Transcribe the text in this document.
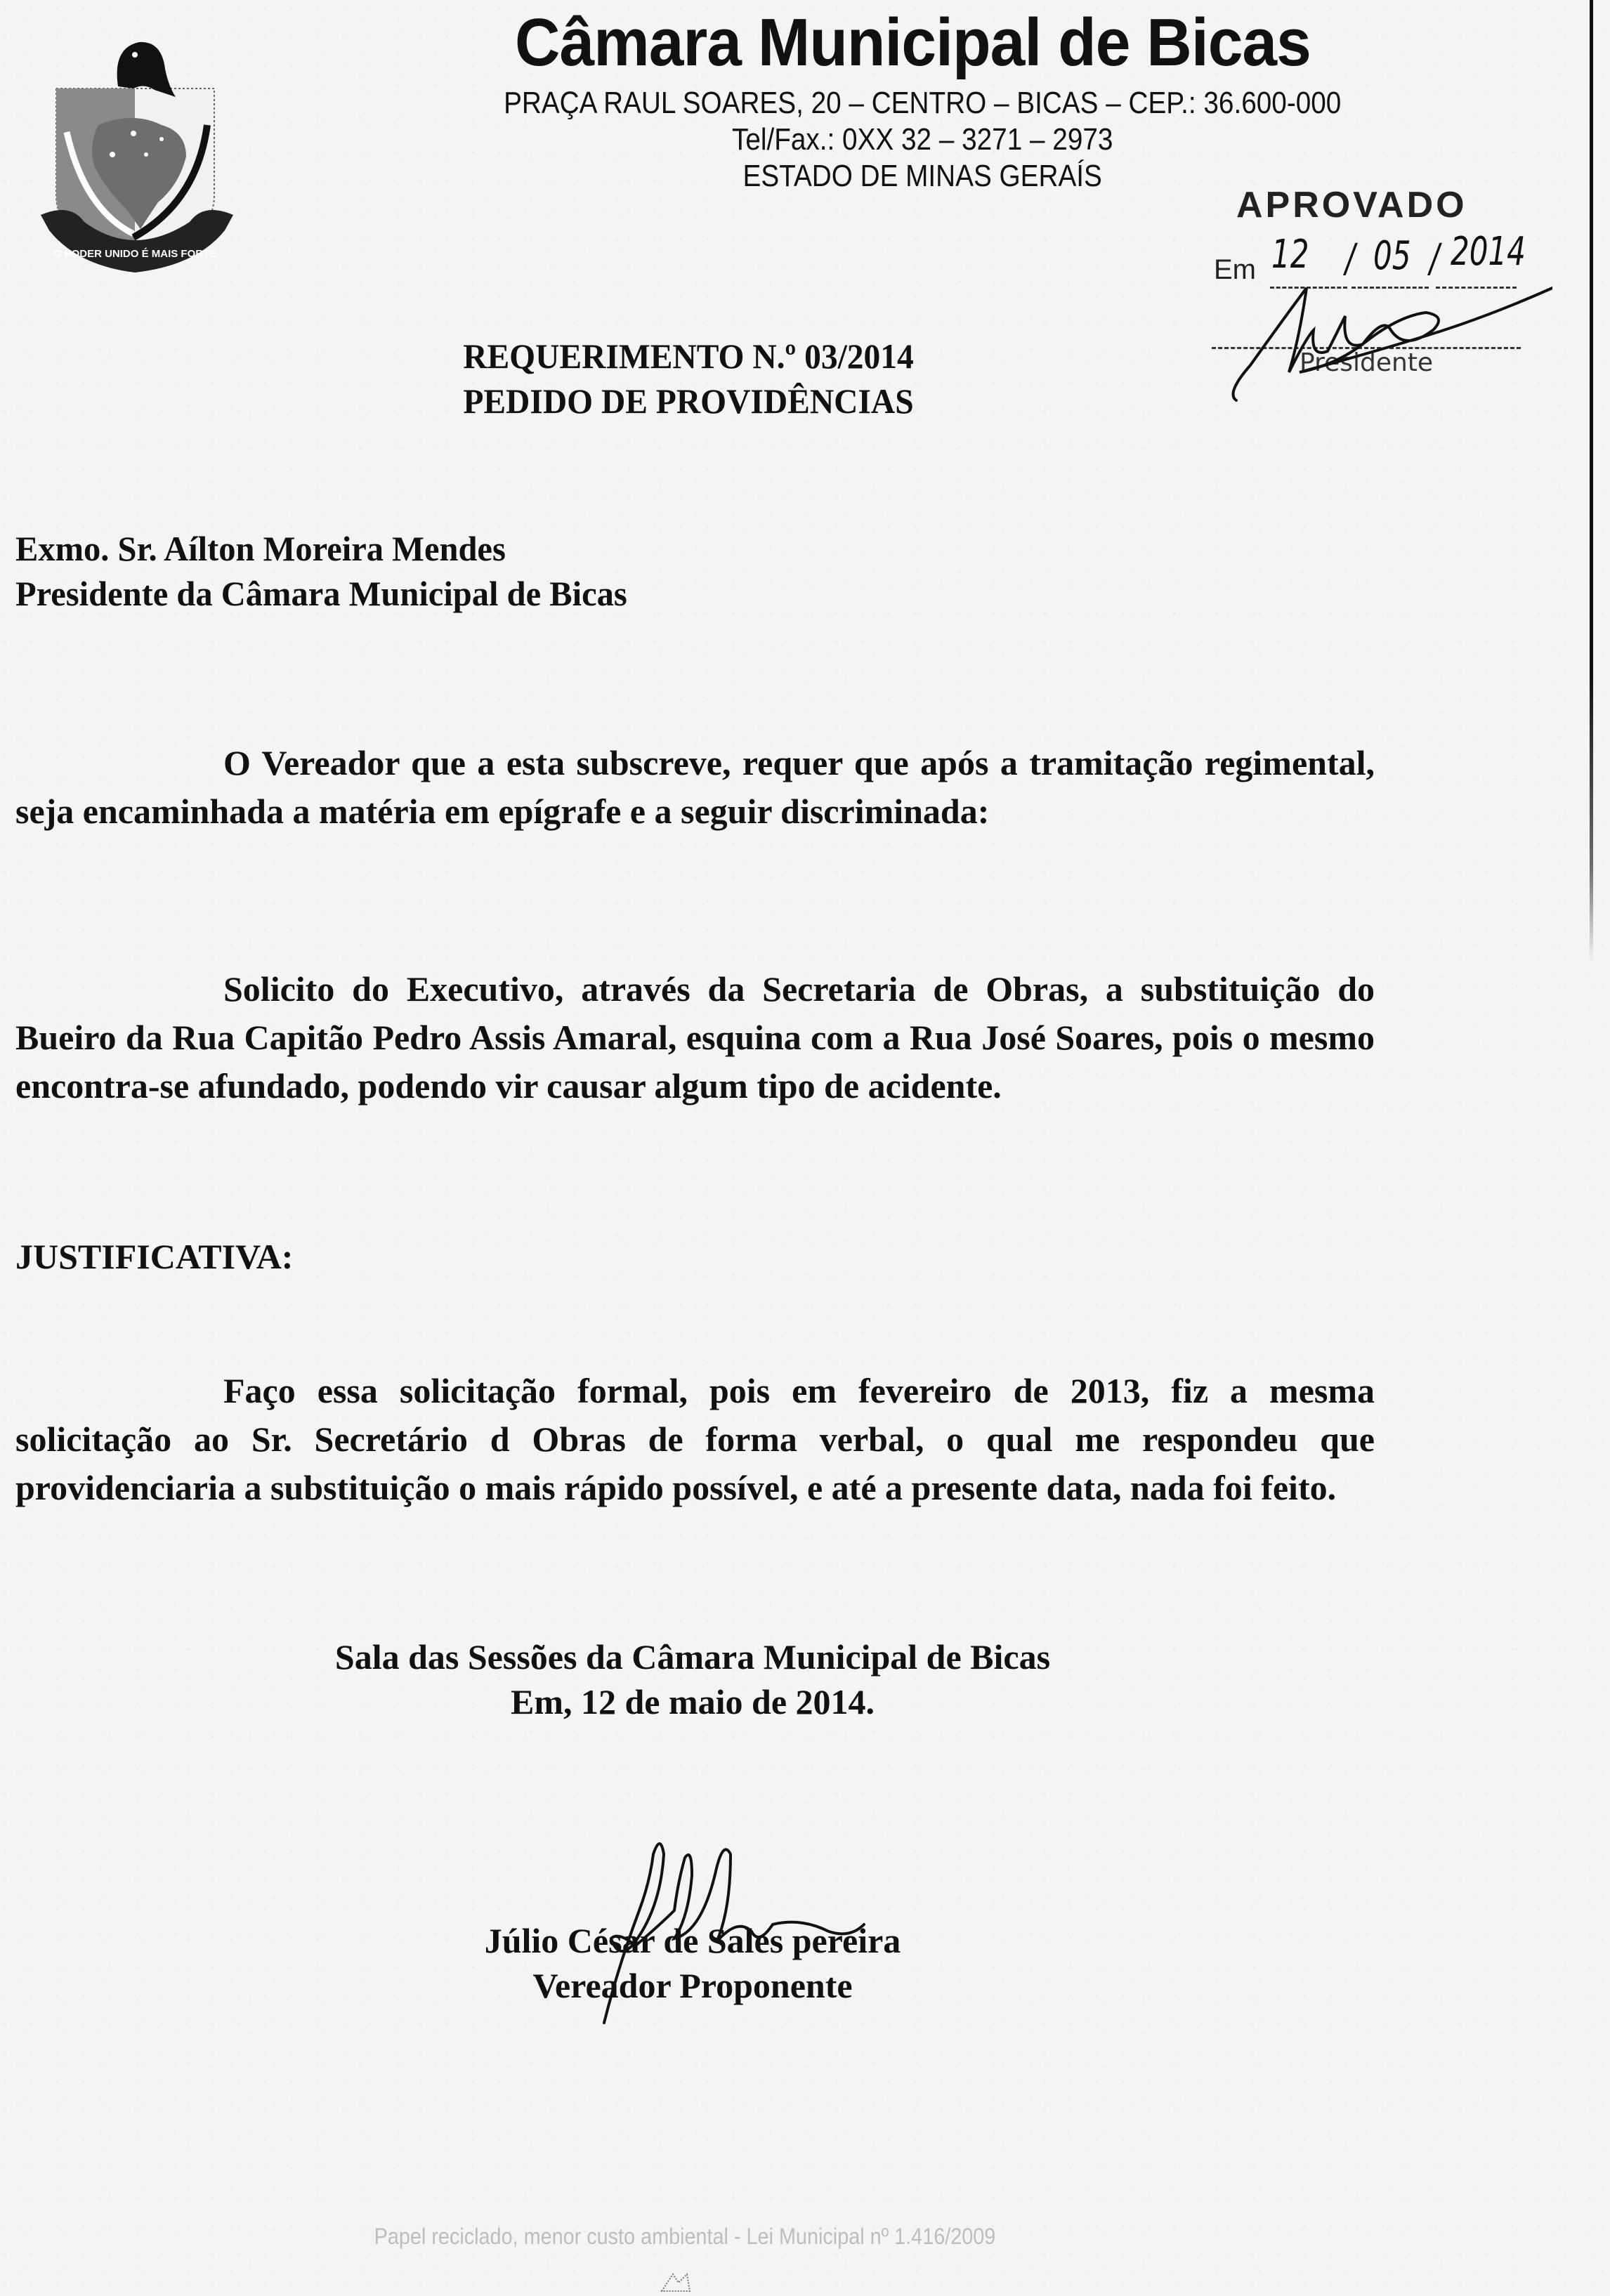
O PODER UNIDO É MAIS FORTE
Câmara Municipal de Bicas
PRAÇA RAUL SOARES, 20 – CENTRO – BICAS – CEP.: 36.600-000
Tel/Fax.: 0XX 32 – 3271 – 2973
ESTADO DE MINAS GERAÍS
APROVADO
Em 12 / 05 / 2014
Presidente
REQUERIMENTO N.º 03/2014
PEDIDO DE PROVIDÊNCIAS
Exmo. Sr. Aílton Moreira Mendes
Presidente da Câmara Municipal de Bicas
O Vereador que a esta subscreve, requer que após a tramitação regimental, seja encaminhada a matéria em epígrafe e a seguir discriminada:
Solicito do Executivo, através da Secretaria de Obras, a substituição do Bueiro da Rua Capitão Pedro Assis Amaral, esquina com a Rua José Soares, pois o mesmo encontra-se afundado, podendo vir causar algum tipo de acidente.
JUSTIFICATIVA:
Faço essa solicitação formal, pois em fevereiro de 2013, fiz a mesma solicitação ao Sr. Secretário d Obras de forma verbal, o qual me respondeu que providenciaria a substituição o mais rápido possível, e até a presente data, nada foi feito.
Sala das Sessões da Câmara Municipal de Bicas
Em, 12 de maio de 2014.
Júlio César de Sales pereira
Vereador Proponente
Papel reciclado, menor custo ambiental - Lei Municipal nº 1.416/2009
